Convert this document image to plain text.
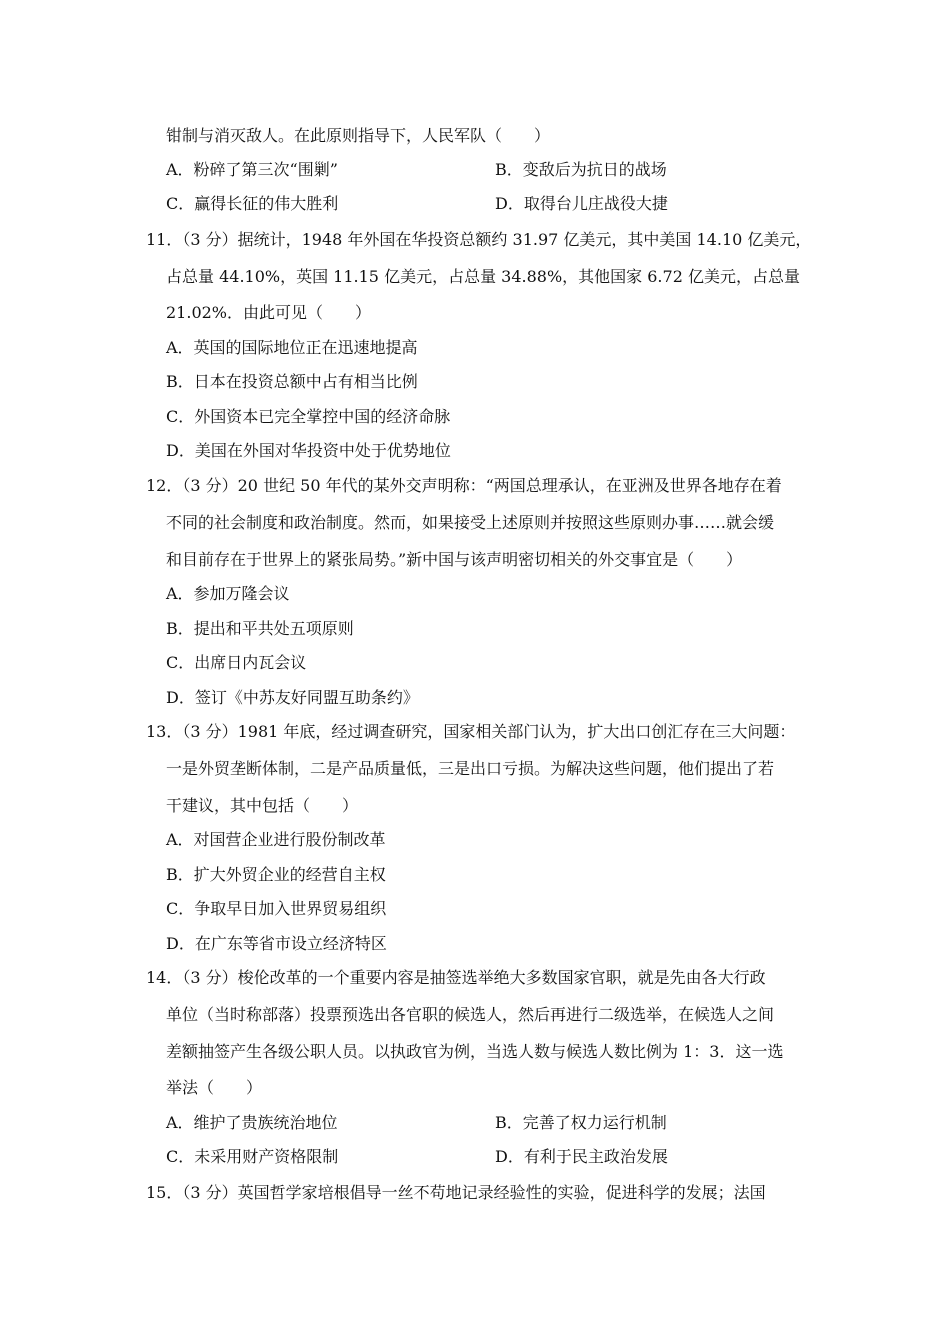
钳制与消灭敌人。在此原则指导下，人民军队（　　）
A．粉碎了第三次“围剿”	B．变敌后为抗日的战场
C．赢得长征的伟大胜利	D．取得台儿庄战役大捷
11．（3 分）据统计，1948 年外国在华投资总额约 31.97 亿美元，其中美国 14.10 亿美元，
占总量 44.10%，英国 11.15 亿美元，占总量 34.88%，其他国家 6.72 亿美元，占总量
21.02%．由此可见（　　）
A．英国的国际地位正在迅速地提高
B．日本在投资总额中占有相当比例
C．外国资本已完全掌控中国的经济命脉
D．美国在外国对华投资中处于优势地位
12．（3 分）20 世纪 50 年代的某外交声明称：“两国总理承认，在亚洲及世界各地存在着
不同的社会制度和政治制度。然而，如果接受上述原则并按照这些原则办事……就会缓
和目前存在于世界上的紧张局势。”新中国与该声明密切相关的外交事宜是（　　）
A．参加万隆会议
B．提出和平共处五项原则
C．出席日内瓦会议
D．签订《中苏友好同盟互助条约》
13．（3 分）1981 年底，经过调查研究，国家相关部门认为，扩大出口创汇存在三大问题：
一是外贸垄断体制，二是产品质量低，三是出口亏损。为解决这些问题，他们提出了若
干建议，其中包括（　　）
A．对国营企业进行股份制改革
B．扩大外贸企业的经营自主权
C．争取早日加入世界贸易组织
D．在广东等省市设立经济特区
14．（3 分）梭伦改革的一个重要内容是抽签选举绝大多数国家官职，就是先由各大行政
单位（当时称部落）投票预选出各官职的候选人，然后再进行二级选举，在候选人之间
差额抽签产生各级公职人员。以执政官为例，当选人数与候选人数比例为 1：3．这一选
举法（　　）
A．维护了贵族统治地位	B．完善了权力运行机制
C．未采用财产资格限制	D．有利于民主政治发展
15．（3 分）英国哲学家培根倡导一丝不苟地记录经验性的实验，促进科学的发展；法国
